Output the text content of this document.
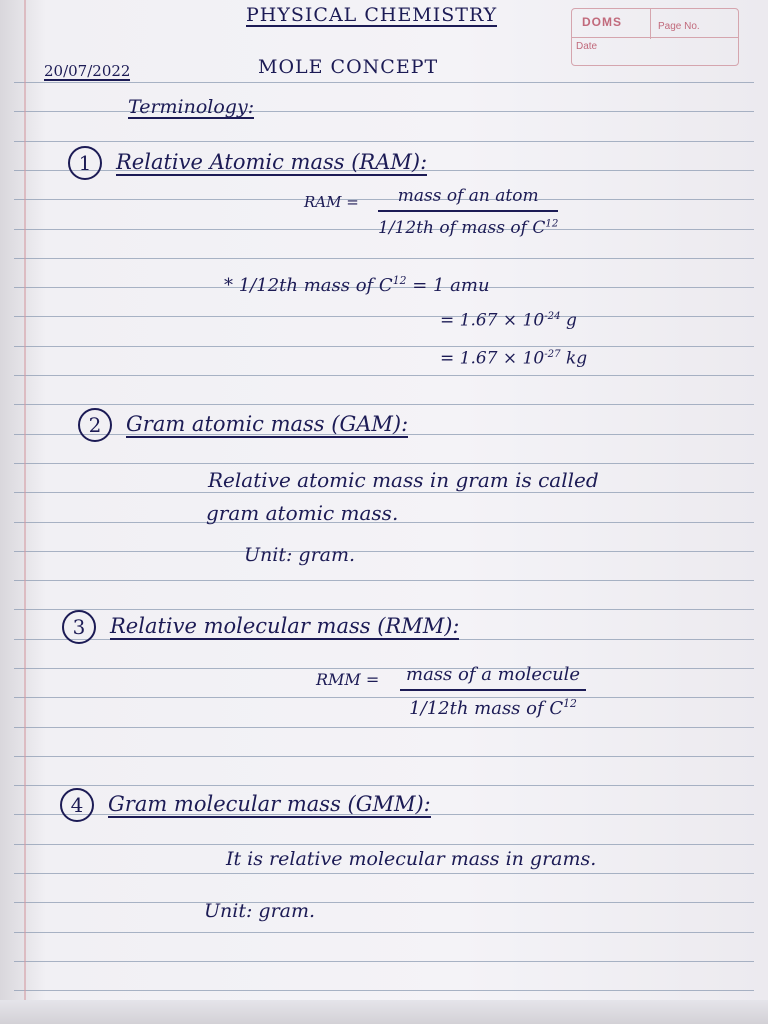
DOMS	Page No.
Date
PHYSICAL CHEMISTRY
20/07/2022	MOLE CONCEPT
Terminology:
1 Relative Atomic mass (RAM):
RAM =	mass of an atom
1/12th of mass of $C^{12}$
* 1/12th mass of $C^{12} = 1$ amu
= $1.67 \times 10^{-24}$ g
= $1.67 \times 10^{-27}$ kg
2 Gram atomic mass (GAM):
Relative atomic mass in gram is called
gram atomic mass.
Unit: gram.
3 Relative molecular mass (RMM):
RMM =	mass of a molecule
1/12th mass of $C^{12}$
4 Gram molecular mass (GMM):
It is relative molecular mass in grams.
Unit: gram.
